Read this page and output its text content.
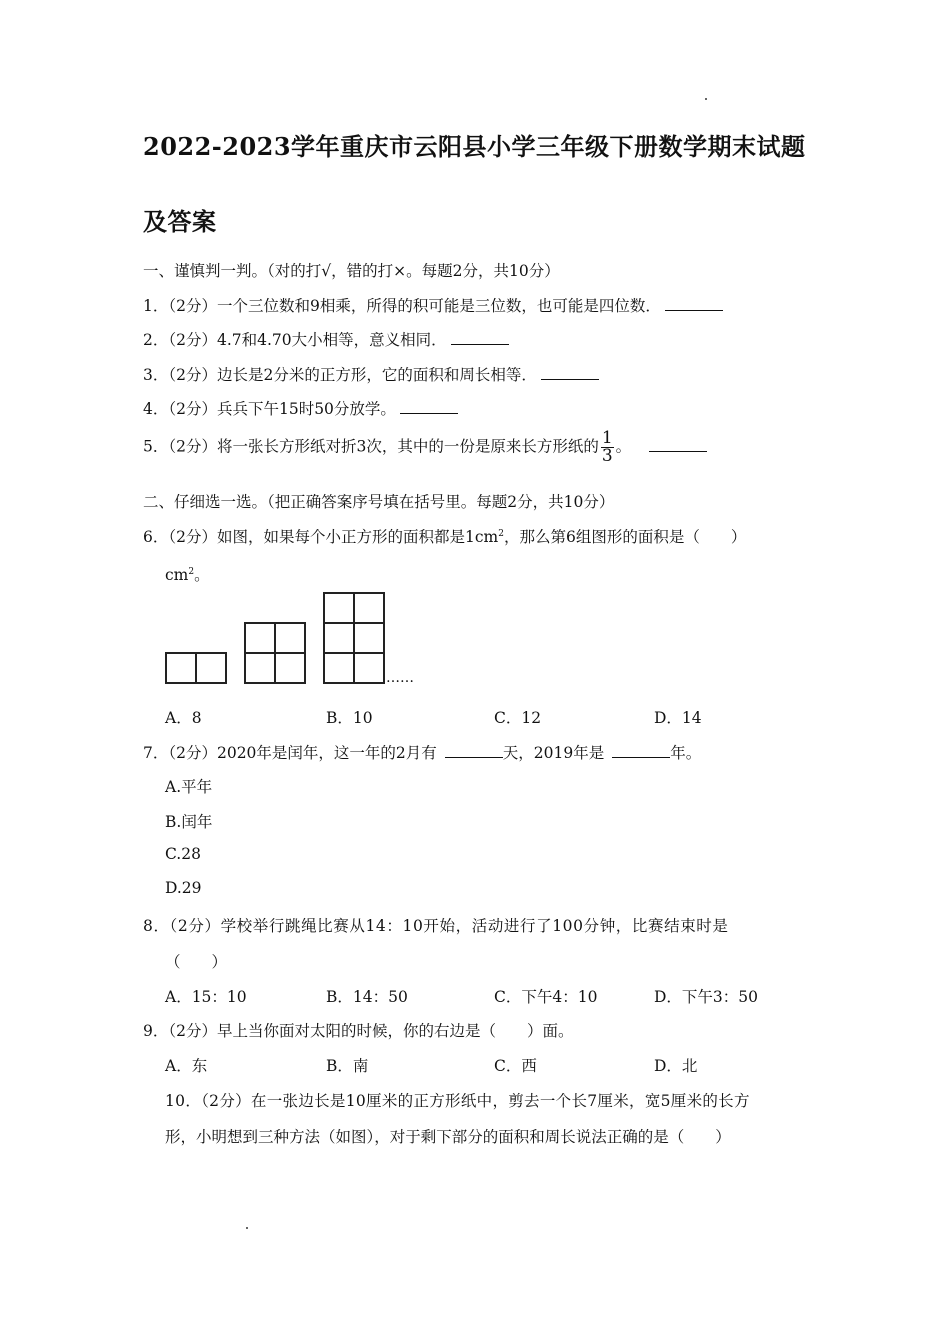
2022-2023学年重庆市云阳县小学三年级下册数学期末试题
及答案
一、谨慎判一判。（对的打√，错的打×。每题2分，共10分）
1．（2分）一个三位数和9相乘，所得的积可能是三位数，也可能是四位数．
2．（2分）4.7和4.70大小相等，意义相同．
3．（2分）边长是2分米的正方形，它的面积和周长相等．
4．（2分）兵兵下午15时50分放学。
5．（2分）将一张长方形纸对折3次，其中的一份是原来长方形纸的 $\frac{1}{3}$ 。
二、仔细选一选。（把正确答案序号填在括号里。每题2分，共10分）
6．（2分）如图，如果每个小正方形的面积都是$1cm^2$，那么第6组图形的面积是（　　）
$cm^2$。
……
A．8	B．10	C．12	D．14
7．（2分）2020年是闰年，这一年的2月有	天，2019年是	年。
A.平年
B.闰年
C.28
D.29
8．（2分）学校举行跳绳比赛从14：10开始，活动进行了100分钟，比赛结束时是
（　　）
A．15：10	B．14：50	C．下午4：10	D．下午3：50
9．（2分）早上当你面对太阳的时候，你的右边是（　　）面。
A．东	B．南	C．西	D．北
10．（2分）在一张边长是10厘米的正方形纸中，剪去一个长7厘米，宽5厘米的长方
形，小明想到三种方法（如图），对于剩下部分的面积和周长说法正确的是（　　）
